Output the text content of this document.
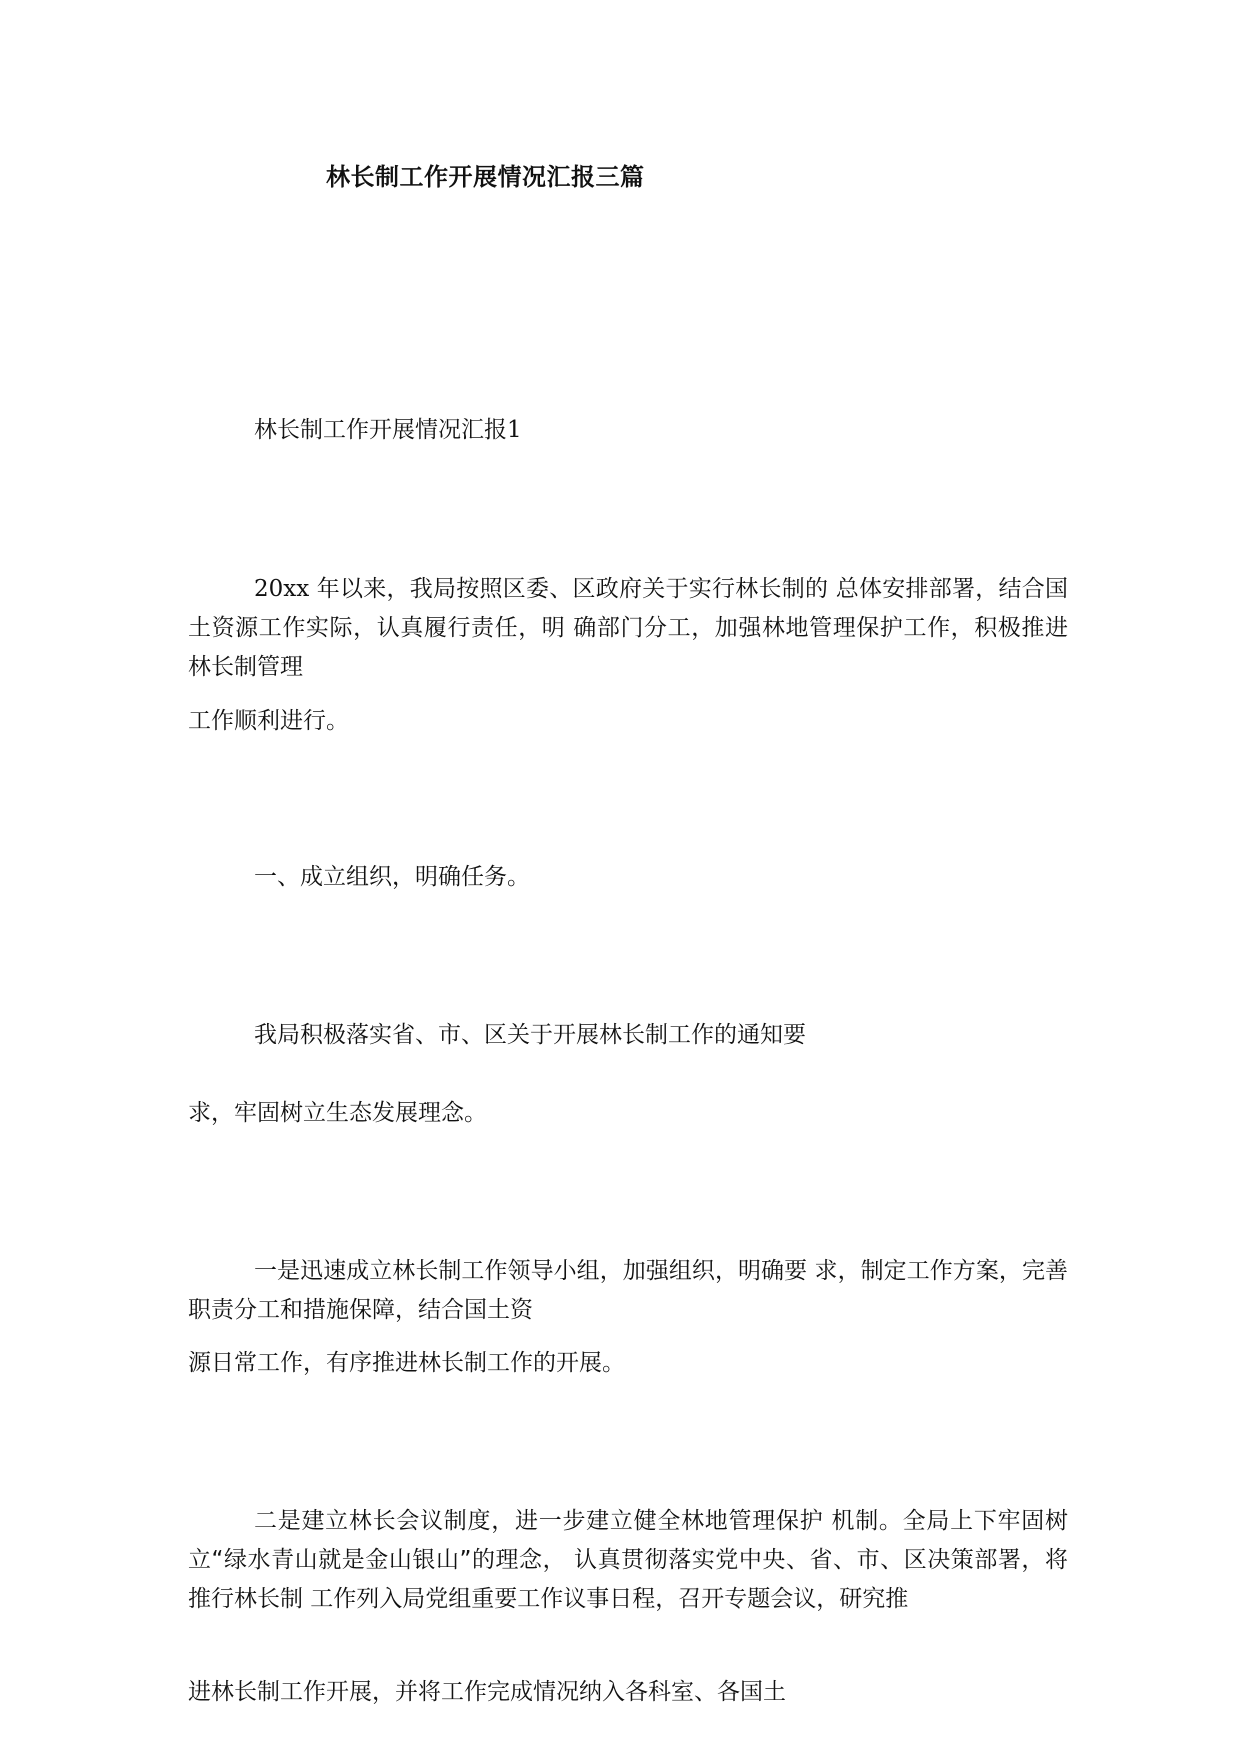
林长制工作开展情况汇报三篇
林长制工作开展情况汇报1
20xx 年以来，我局按照区委、区政府关于实行林长制的 总体安排部署，结合国土资源工作实际，认真履行责任，明 确部门分工，加强林地管理保护工作，积极推进林长制管理
工作顺利进行。
一、成立组织，明确任务。
我局积极落实省、市、区关于开展林长制工作的通知要
求，牢固树立生态发展理念。
一是迅速成立林长制工作领导小组，加强组织，明确要 求，制定工作方案，完善职责分工和措施保障，结合国土资
源日常工作，有序推进林长制工作的开展。
二是建立林长会议制度，进一步建立健全林地管理保护 机制。全局上下牢固树立“绿水青山就是金山银山”的理念， 认真贯彻落实党中央、省、市、区决策部署，将推行林长制 工作列入局党组重要工作议事日程，召开专题会议，研究推
进林长制工作开展，并将工作完成情况纳入各科室、各国土
